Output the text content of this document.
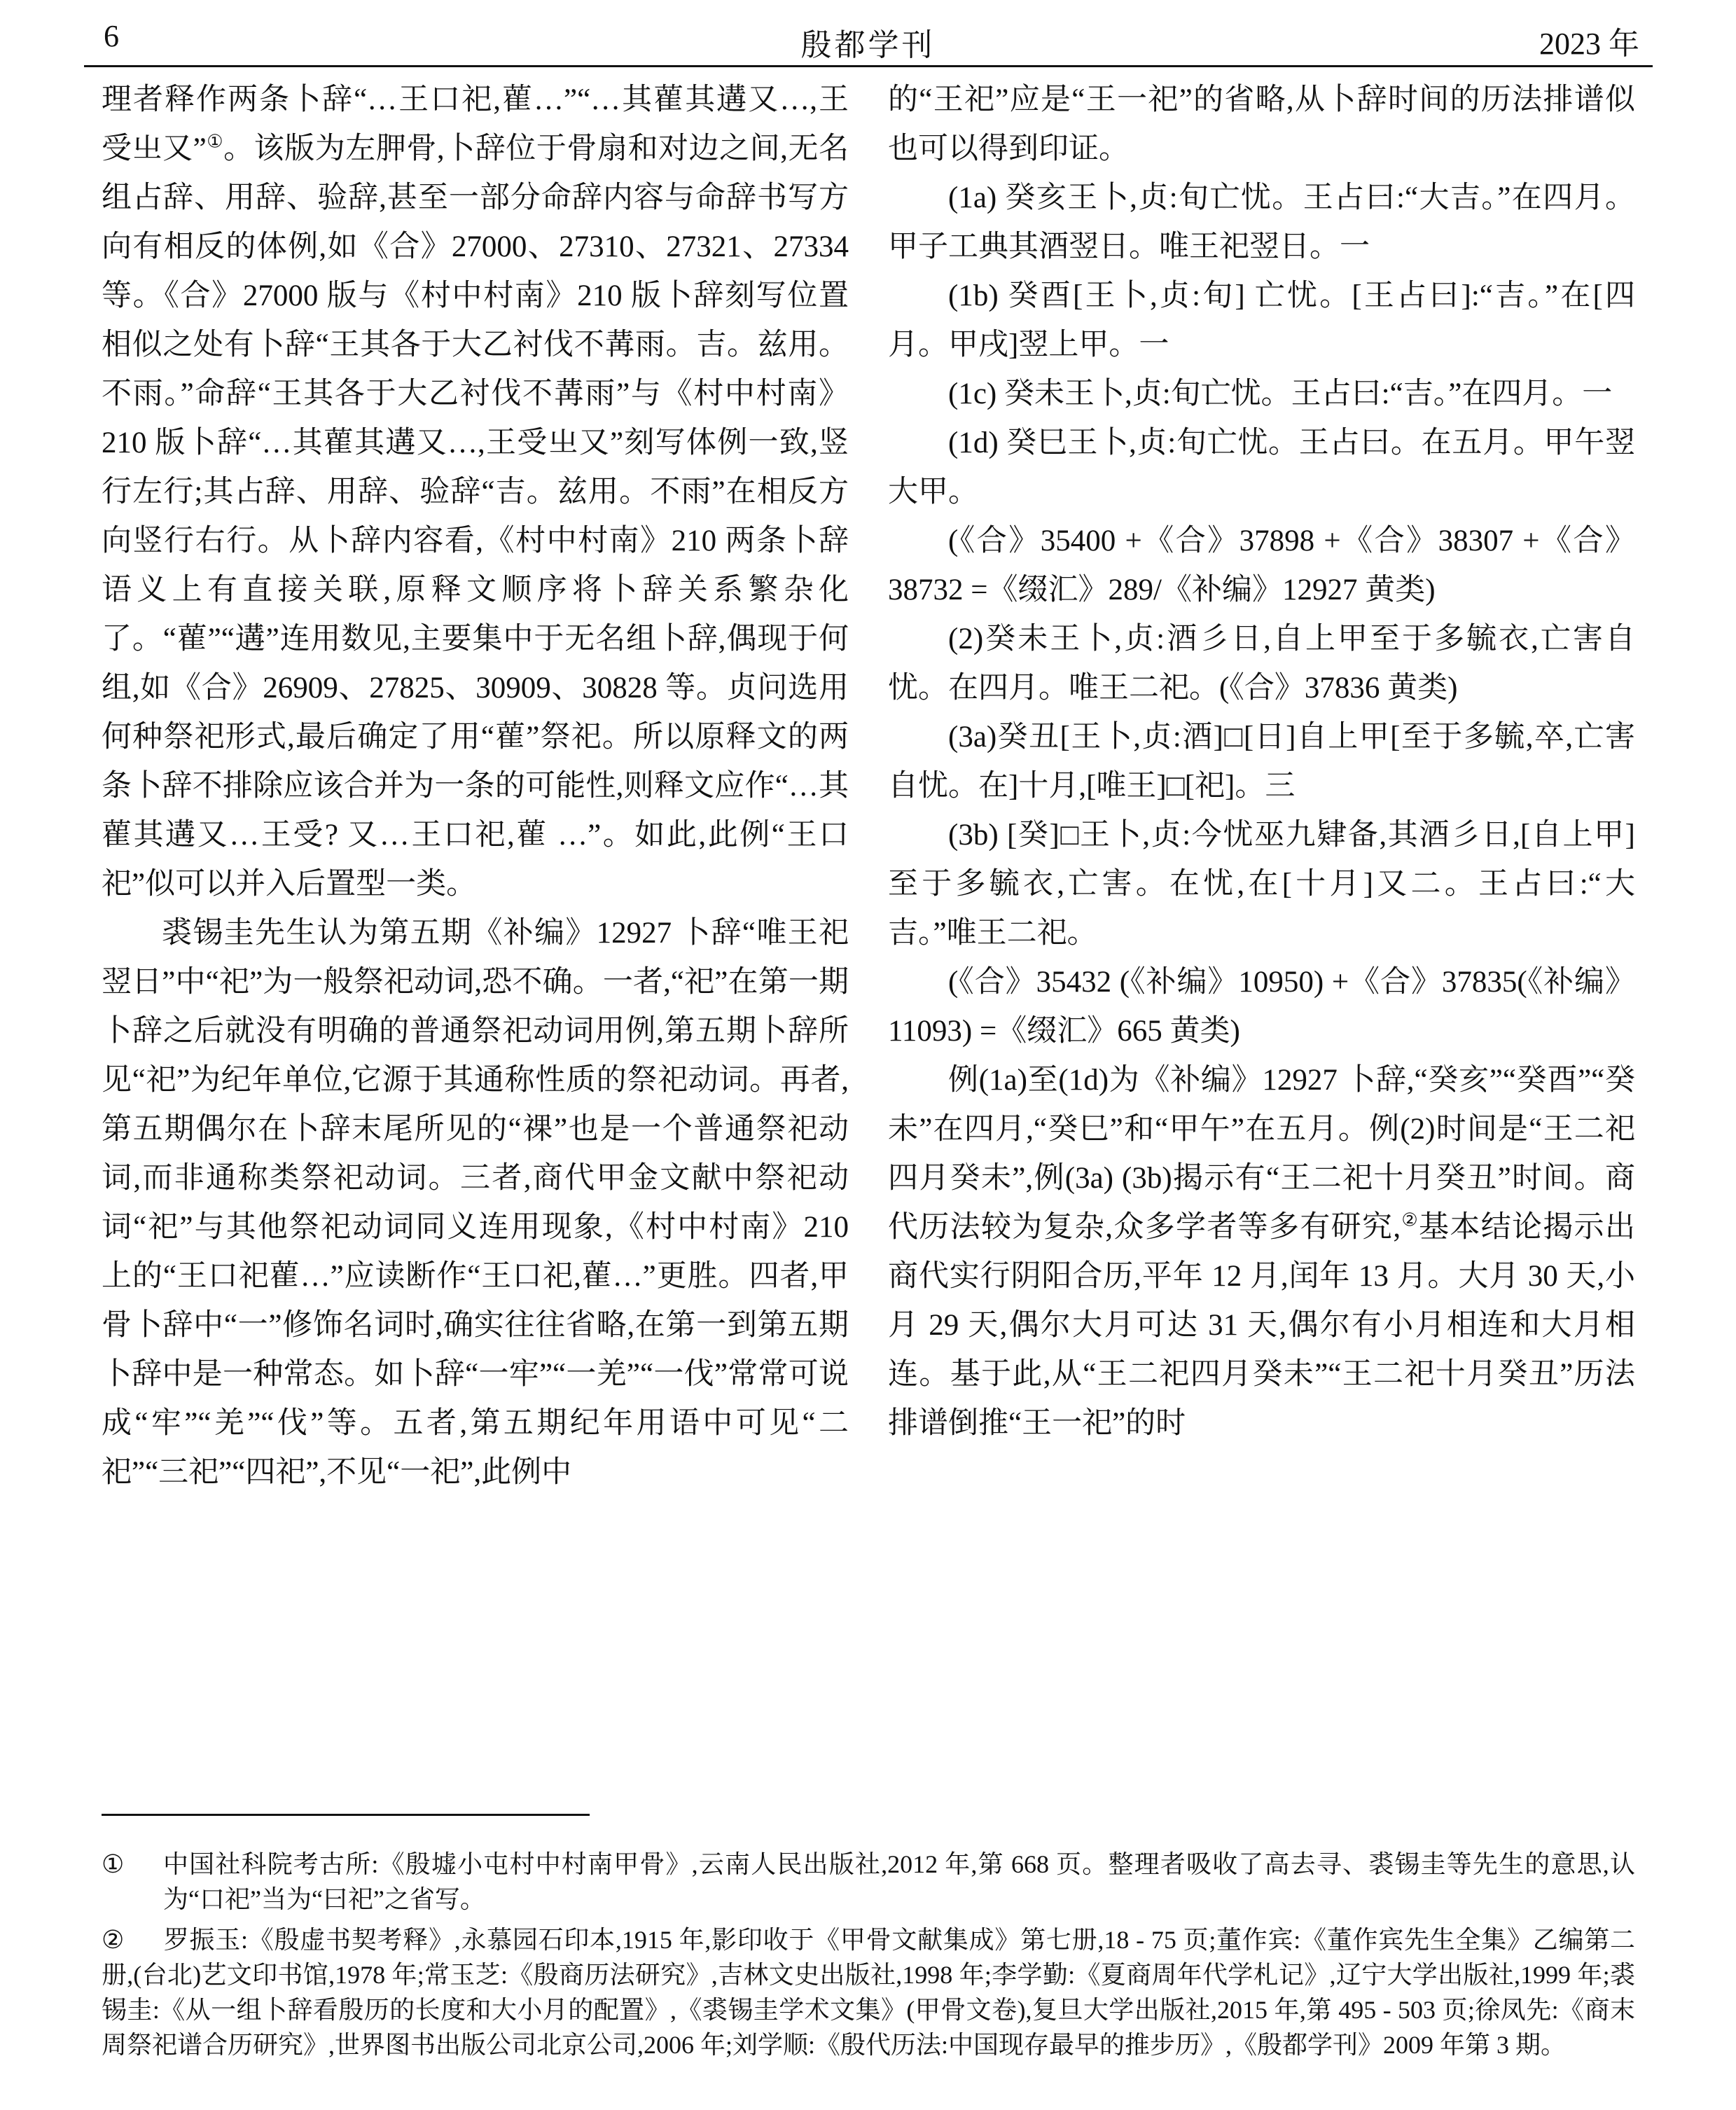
6	殷都学刊	2023 年

理者释作两条卜辞“…王口祀,雚…”“…其雚其遘又…,王受㞢又”①。该版为左胛骨,卜辞位于骨扇和对边之间,无名组占辞、用辞、验辞,甚至一部分命辞内容与命辞书写方向有相反的体例,如《合》27000、27310、27321、27334 等。《合》27000 版与《村中村南》210 版卜辞刻写位置相似之处有卜辞“王其各于大乙衬伐不冓雨。吉。兹用。不雨。”命辞“王其各于大乙衬伐不冓雨”与《村中村南》210 版卜辞“…其雚其遘又…,王受㞢又”刻写体例一致,竖行左行;其占辞、用辞、验辞“吉。兹用。不雨”在相反方向竖行右行。从卜辞内容看,《村中村南》210 两条卜辞语义上有直接关联,原释文顺序将卜辞关系繁杂化了。“雚”“遘”连用数见,主要集中于无名组卜辞,偶现于何组,如《合》26909、27825、30909、30828 等。贞问选用何种祭祀形式,最后确定了用“雚”祭祀。所以原释文的两条卜辞不排除应该合并为一条的可能性,则释文应作“…其雚其遘又…王受? 又…王口祀,雚 …”。如此,此例“王口祀”似可以并入后置型一类。

裘锡圭先生认为第五期《补编》12927 卜辞“唯王祀翌日”中“祀”为一般祭祀动词,恐不确。一者,“祀”在第一期卜辞之后就没有明确的普通祭祀动词用例,第五期卜辞所见“祀”为纪年单位,它源于其通称性质的祭祀动词。再者,第五期偶尔在卜辞末尾所见的“祼”也是一个普通祭祀动词,而非通称类祭祀动词。三者,商代甲金文献中祭祀动词“祀”与其他祭祀动词同义连用现象,《村中村南》210 上的“王口祀雚…”应读断作“王口祀,雚…”更胜。四者,甲骨卜辞中“一”修饰名词时,确实往往省略,在第一到第五期卜辞中是一种常态。如卜辞“一牢”“一羌”“一伐”常常可说成“牢”“羌”“伐”等。五者,第五期纪年用语中可见“二祀”“三祀”“四祀”,不见“一祀”,此例中

的“王祀”应是“王一祀”的省略,从卜辞时间的历法排谱似也可以得到印证。

(1a) 癸亥王卜,贞:旬亡忧。王占曰:“大吉。”在四月。甲子工典其酒翌日。唯王祀翌日。一

(1b) 癸酉[王卜,贞:旬] 亡忧。[王占曰]:“吉。”在[四月。甲戌]翌上甲。一

(1c) 癸未王卜,贞:旬亡忧。王占曰:“吉。”在四月。一

(1d) 癸巳王卜,贞:旬亡忧。王占曰。在五月。甲午翌大甲。

(《合》35400 +《合》37898 +《合》38307 +《合》38732 =《缀汇》289/《补编》12927 黄类)

(2)癸未王卜,贞:酒彡日,自上甲至于多毓衣,亡害自忧。在四月。唯王二祀。(《合》37836 黄类)

(3a)癸丑[王卜,贞:酒]□[日]自上甲[至于多毓,卒,亡害自忧。在]十月,[唯王]□[祀]。三

(3b) [癸]□王卜,贞:今忧巫九肄备,其酒彡日,[自上甲]至于多毓衣,亡害。在忧,在[十月]又二。王占曰:“大吉。”唯王二祀。

(《合》35432 (《补编》10950) +《合》37835(《补编》11093) =《缀汇》665 黄类)

例(1a)至(1d)为《补编》12927 卜辞,“癸亥”“癸酉”“癸未”在四月,“癸巳”和“甲午”在五月。例(2)时间是“王二祀四月癸未”,例(3a) (3b)揭示有“王二祀十月癸丑”时间。商代历法较为复杂,众多学者等多有研究,②基本结论揭示出商代实行阴阳合历,平年 12 月,闰年 13 月。大月 30 天,小月 29 天,偶尔大月可达 31 天,偶尔有小月相连和大月相连。基于此,从“王二祀四月癸未”“王二祀十月癸丑”历法排谱倒推“王一祀”的时

① 中国社科院考古所:《殷墟小屯村中村南甲骨》,云南人民出版社,2012 年,第 668 页。整理者吸收了高去寻、裘锡圭等先生的意思,认为“口祀”当为“曰祀”之省写。

② 罗振玉:《殷虚书契考释》,永慕园石印本,1915 年,影印收于《甲骨文献集成》第七册,18 - 75 页;董作宾:《董作宾先生全集》乙编第二册,(台北)艺文印书馆,1978 年;常玉芝:《殷商历法研究》,吉林文史出版社,1998 年;李学勤:《夏商周年代学札记》,辽宁大学出版社,1999 年;裘锡圭:《从一组卜辞看殷历的长度和大小月的配置》,《裘锡圭学术文集》(甲骨文卷),复旦大学出版社,2015 年,第 495 - 503 页;徐凤先:《商末周祭祀谱合历研究》,世界图书出版公司北京公司,2006 年;刘学顺:《殷代历法:中国现存最早的推步历》,《殷都学刊》2009 年第 3 期。
